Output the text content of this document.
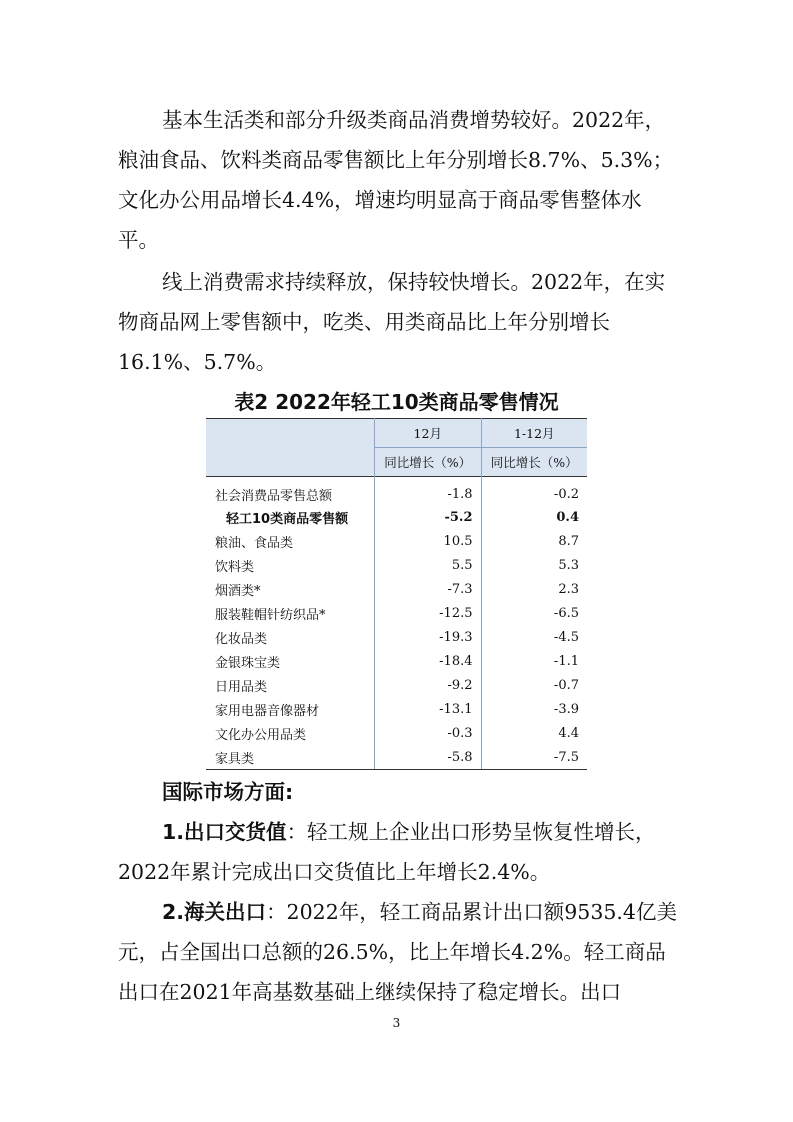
基本生活类和部分升级类商品消费增势较好。2022年，粮油食品、饮料类商品零售额比上年分别增长8.7%、5.3%；文化办公用品增长4.4%，增速均明显高于商品零售整体水平。

线上消费需求持续释放，保持较快增长。2022年，在实物商品网上零售额中，吃类、用类商品比上年分别增长16.1%、5.7%。

表2 2022年轻工10类商品零售情况
	12月	1-12月
	同比增长（%）	同比增长（%）
社会消费品零售总额	-1.8	-0.2
轻工10类商品零售额	-5.2	0.4
粮油、食品类	10.5	8.7
饮料类	5.5	5.3
烟酒类*	-7.3	2.3
服装鞋帽针纺织品*	-12.5	-6.5
化妆品类	-19.3	-4.5
金银珠宝类	-18.4	-1.1
日用品类	-9.2	-0.7
家用电器音像器材	-13.1	-3.9
文化办公用品类	-0.3	4.4
家具类	-5.8	-7.5

国际市场方面:

1.出口交货值：轻工规上企业出口形势呈恢复性增长，2022年累计完成出口交货值比上年增长2.4%。

2.海关出口：2022年，轻工商品累计出口额9535.4亿美元，占全国出口总额的26.5%，比上年增长4.2%。轻工商品出口在2021年高基数基础上继续保持了稳定增长。出口

3
